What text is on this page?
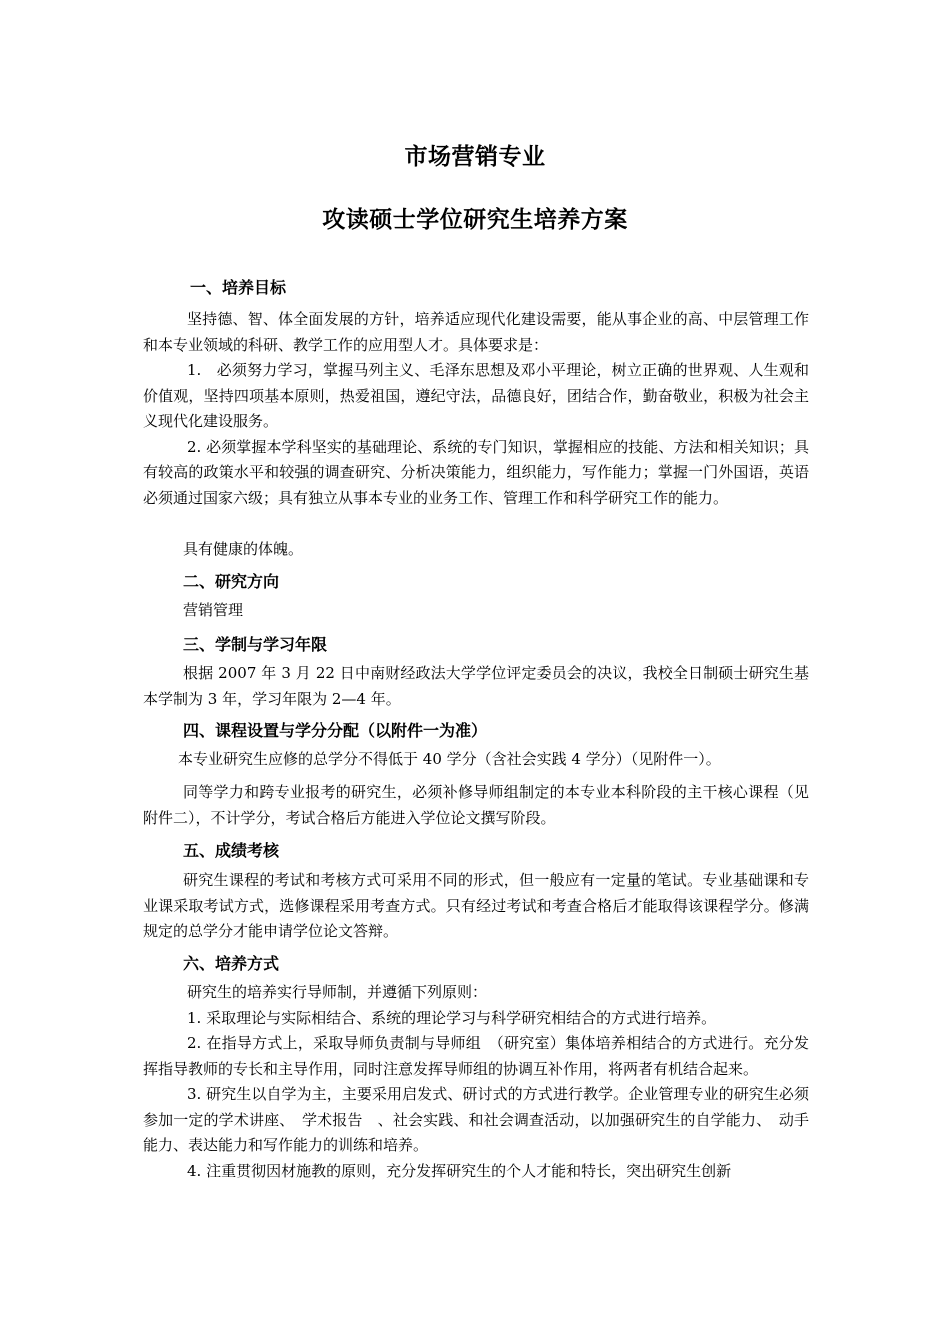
市场营销专业
攻读硕士学位研究生培养方案
一、培养目标

坚持德、智、体全面发展的方针，培养适应现代化建设需要，能从事企业的高、中层管理工作和本专业领域的科研、教学工作的应用型人才。具体要求是：

1.　必须努力学习，掌握马列主义、毛泽东思想及邓小平理论，树立正确的世界观、人生观和价值观，坚持四项基本原则，热爱祖国，遵纪守法，品德良好，团结合作，勤奋敬业，积极为社会主义现代化建设服务。

2. 必须掌握本学科坚实的基础理论、系统的专门知识，掌握相应的技能、方法和相关知识；具有较高的政策水平和较强的调查研究、分析决策能力，组织能力，写作能力；掌握一门外国语，英语必须通过国家六级；具有独立从事本专业的业务工作、管理工作和科学研究工作的能力。

具有健康的体魄。
二、研究方向
营销管理
三、学制与学习年限

根据 2007 年 3 月 22 日中南财经政法大学学位评定委员会的决议，我校全日制硕士研究生基本学制为 3 年，学习年限为 2—4 年。

四、课程设置与学分分配（以附件一为准）
本专业研究生应修的总学分不得低于 40 学分（含社会实践 4 学分）（见附件一）。

同等学力和跨专业报考的研究生，必须补修导师组制定的本专业本科阶段的主干核心课程（见附件二），不计学分，考试合格后方能进入学位论文撰写阶段。

五、成绩考核

研究生课程的考试和考核方式可采用不同的形式，但一般应有一定量的笔试。专业基础课和专业课采取考试方式，选修课程采用考查方式。只有经过考试和考查合格后才能取得该课程学分。修满规定的总学分才能申请学位论文答辩。

六、培养方式

研究生的培养实行导师制，并遵循下列原则：

1. 采取理论与实际相结合、系统的理论学习与科学研究相结合的方式进行培养。

2. 在指导方式上，采取导师负责制与导师组　（研究室）集体培养相结合的方式进行。充分发挥指导教师的专长和主导作用，同时注意发挥导师组的协调互补作用，将两者有机结合起来。

3. 研究生以自学为主，主要采用启发式、研讨式的方式进行教学。企业管理专业的研究生必须参加一定的学术讲座、　学术报告　、社会实践、和社会调查活动，以加强研究生的自学能力、　动手能力、表达能力和写作能力的训练和培养。

4. 注重贯彻因材施教的原则，充分发挥研究生的个人才能和特长，突出研究生创新
